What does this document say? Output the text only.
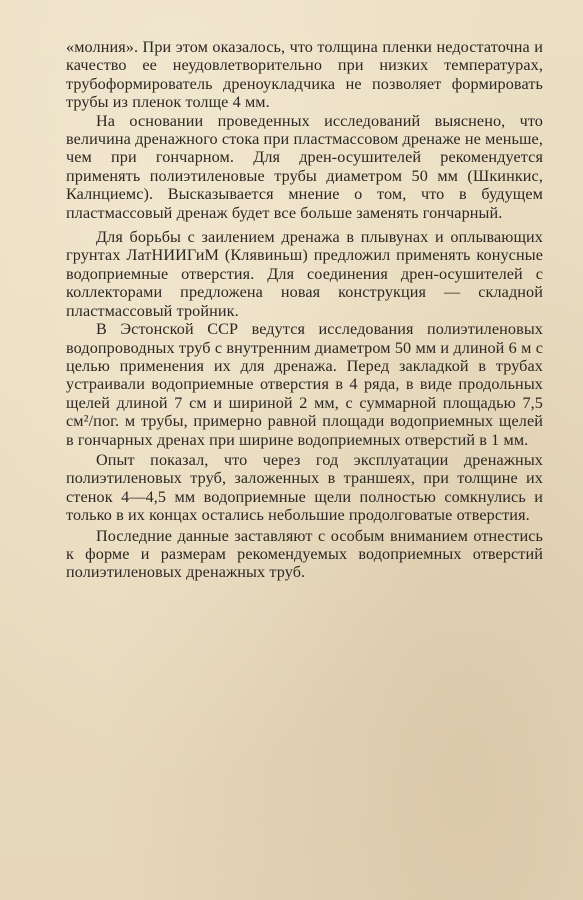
«молния». При этом оказалось, что толщина пленки недостаточна и качество ее неудовлетворительно при низких температурах, трубоформирователь дреноукладчика не позволяет формировать трубы из пленок толще 4 мм.

На основании проведенных исследований выяснено, что величина дренажного стока при пластмассовом дренаже не меньше, чем при гончарном. Для дрен-осушителей рекомендуется применять полиэтиленовые трубы диаметром 50 мм (Шкинкис, Калнциемс). Высказывается мнение о том, что в будущем пластмассовый дренаж будет все больше заменять гончарный.

Для борьбы с заилением дренажа в плывунах и оплывающих грунтах ЛатНИИГиМ (Клявиньш) предложил применять конусные водоприемные отверстия. Для соединения дрен-осушителей с коллекторами предложена новая конструкция — складной пластмассовый тройник.

В Эстонской ССР ведутся исследования полиэтиленовых водопроводных труб с внутренним диаметром 50 мм и длиной 6 м с целью применения их для дренажа. Перед закладкой в трубах устраивали водоприемные отверстия в 4 ряда, в виде продольных щелей длиной 7 см и шириной 2 мм, с суммарной площадью 7,5 см²/пог. м трубы, примерно равной площади водоприемных щелей в гончарных дренах при ширине водоприемных отверстий в 1 мм.

Опыт показал, что через год эксплуатации дренажных полиэтиленовых труб, заложенных в траншеях, при толщине их стенок 4—4,5 мм водоприемные щели полностью сомкнулись и только в их концах остались небольшие продолговатые отверстия.

Последние данные заставляют с особым вниманием отнестись к форме и размерам рекомендуемых водоприемных отверстий полиэтиленовых дренажных труб.
